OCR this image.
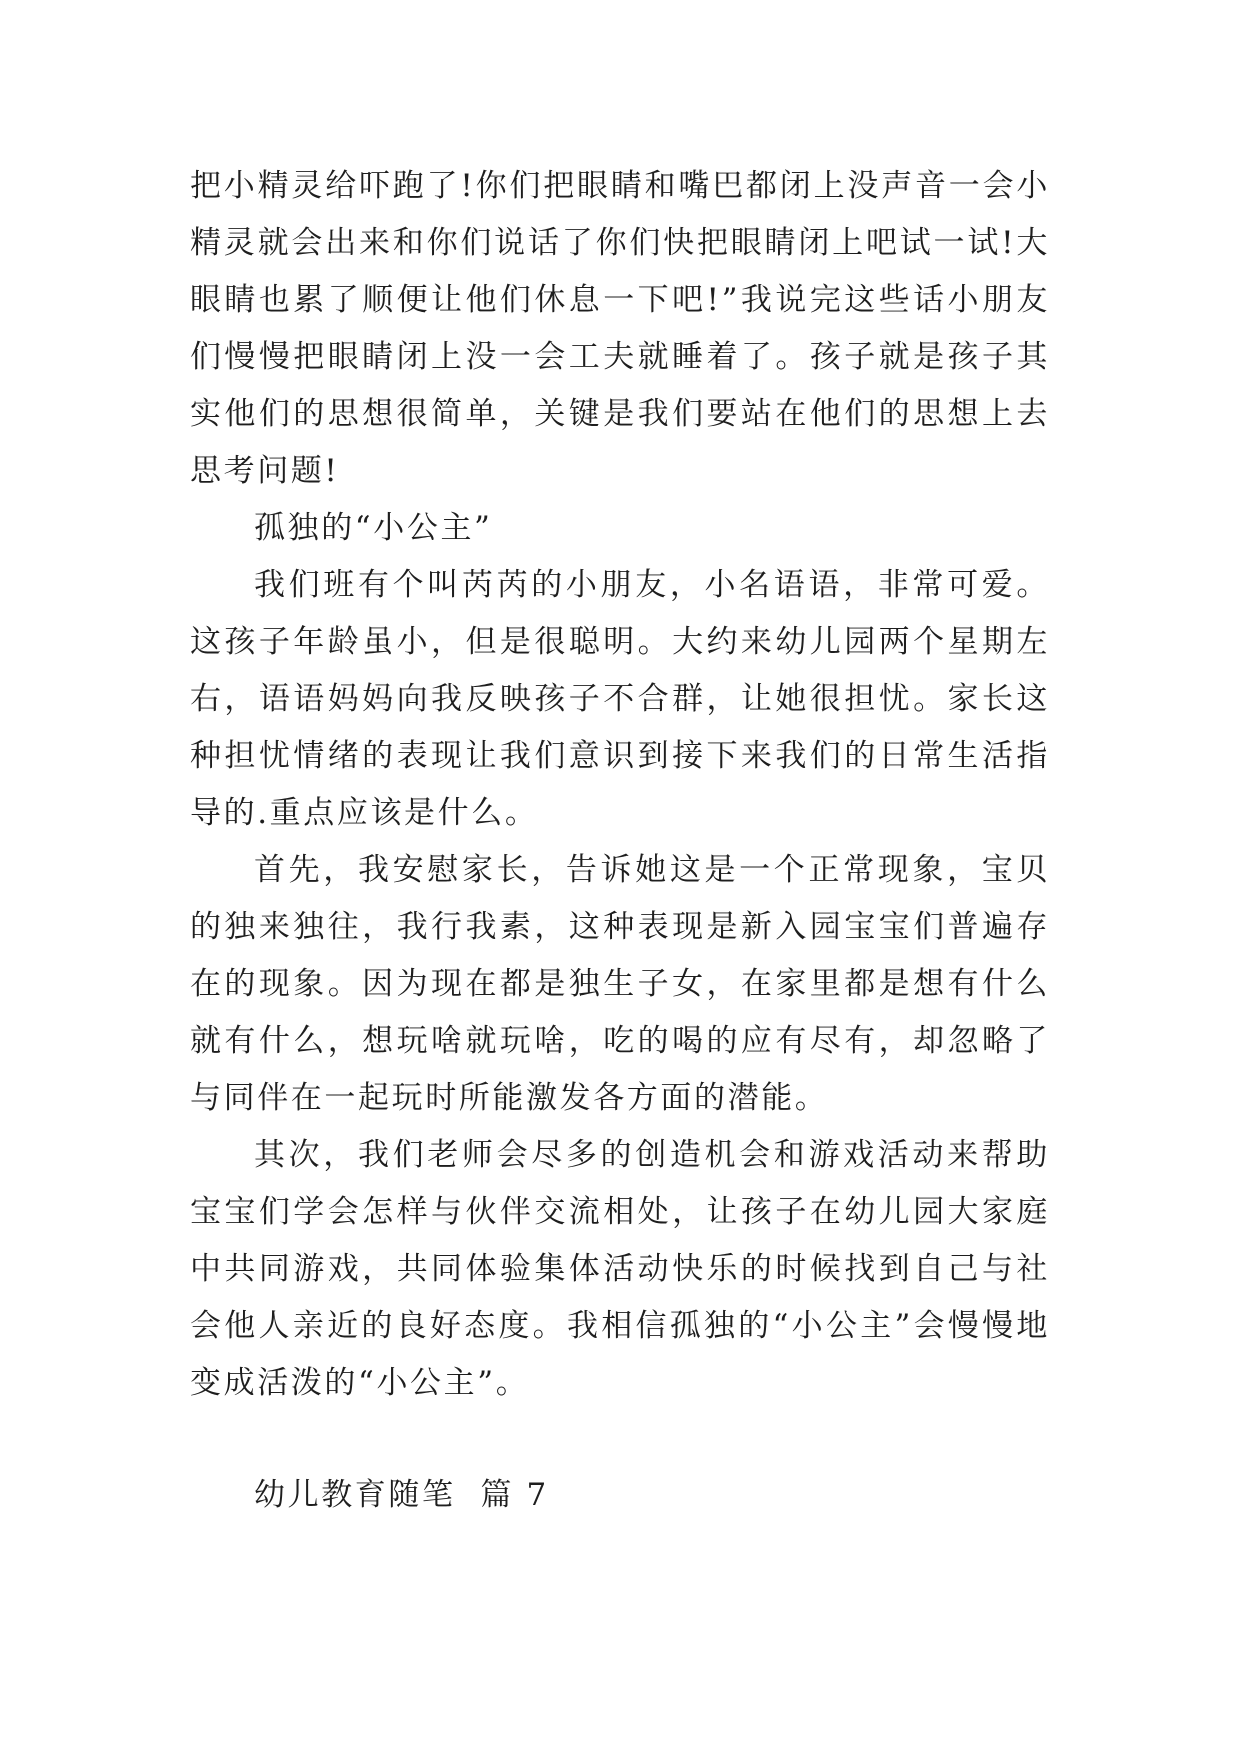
把小精灵给吓跑了!你们把眼睛和嘴巴都闭上没声音一会小精灵就会出来和你们说话了你们快把眼睛闭上吧试一试!大眼睛也累了顺便让他们休息一下吧!”我说完这些话小朋友们慢慢把眼睛闭上没一会工夫就睡着了。孩子就是孩子其实他们的思想很简单，关键是我们要站在他们的思想上去思考问题!

孤独的“小公主”

我们班有个叫芮芮的小朋友，小名语语，非常可爱。这孩子年龄虽小，但是很聪明。大约来幼儿园两个星期左右，语语妈妈向我反映孩子不合群，让她很担忧。家长这种担忧情绪的表现让我们意识到接下来我们的日常生活指导的.重点应该是什么。

首先，我安慰家长，告诉她这是一个正常现象，宝贝的独来独往，我行我素，这种表现是新入园宝宝们普遍存在的现象。因为现在都是独生子女，在家里都是想有什么就有什么，想玩啥就玩啥，吃的喝的应有尽有，却忽略了与同伴在一起玩时所能激发各方面的潜能。

其次，我们老师会尽多的创造机会和游戏活动来帮助宝宝们学会怎样与伙伴交流相处，让孩子在幼儿园大家庭中共同游戏，共同体验集体活动快乐的时候找到自己与社会他人亲近的良好态度。我相信孤独的“小公主”会慢慢地变成活泼的“小公主”。

幼儿教育随笔  篇 7
